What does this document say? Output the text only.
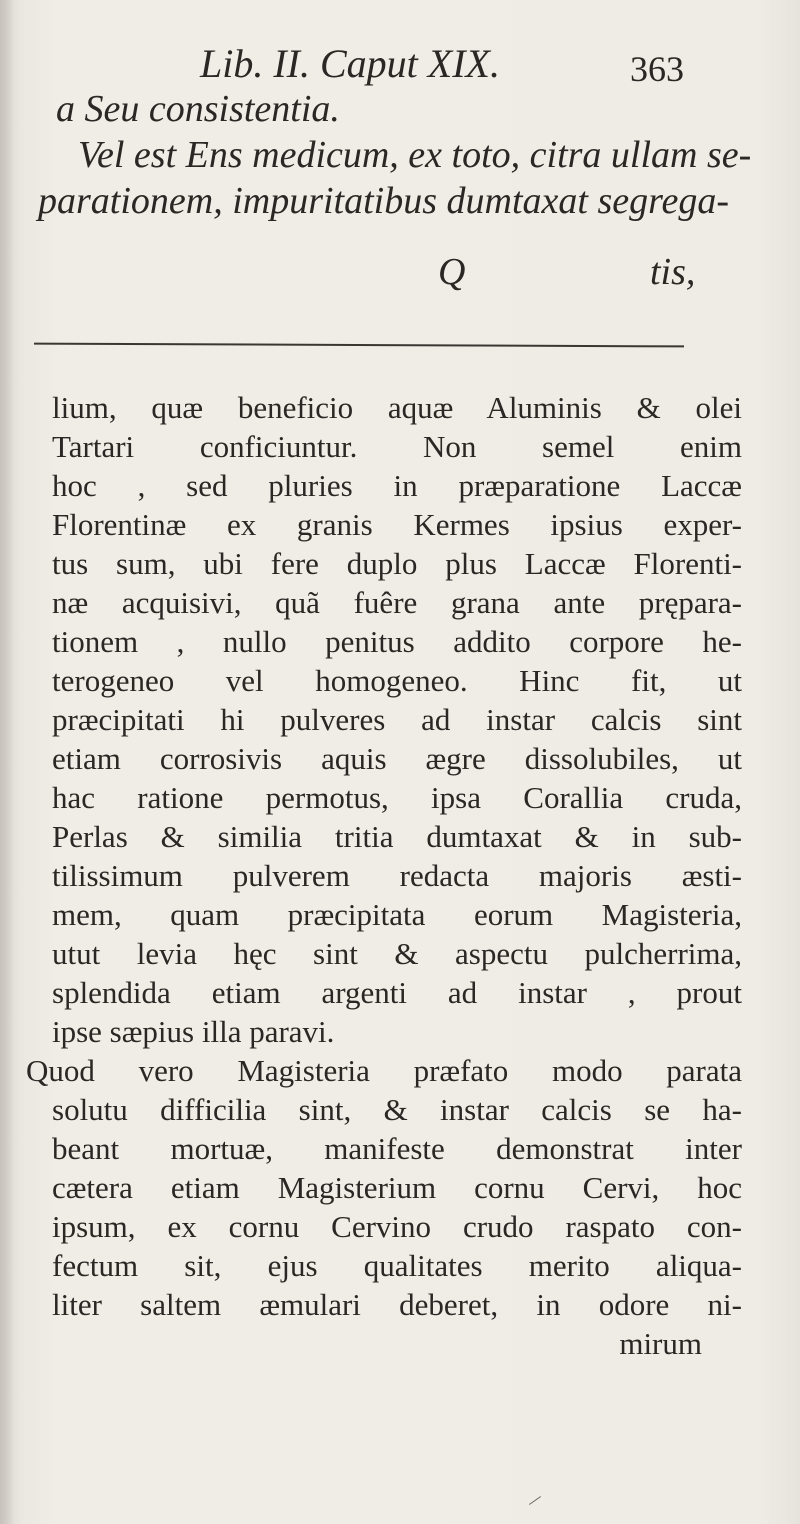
Lib. II. Caput XIX.	363
a Seu consistentia.
Vel est Ens medicum, ex toto, citra ullam se-
parationem, impuritatibus dumtaxat segrega-
Q	tis,

lium, quæ beneficio aquæ Aluminis & olei

Tartari conficiuntur. Non semel enim

hoc , sed pluries in præparatione Laccæ

Florentinæ ex granis Kermes ipsius exper-

tus sum, ubi fere duplo plus Laccæ Florenti-

næ acquisivi, quã fuêre grana ante prępara-

tionem , nullo penitus addito corpore he-

terogeneo vel homogeneo. Hinc fit, ut

præcipitati hi pulveres ad instar calcis sint

etiam corrosivis aquis ægre dissolubiles, ut

hac ratione permotus, ipsa Corallia cruda,

Perlas & similia tritia dumtaxat & in sub-

tilissimum pulverem redacta majoris æsti-

mem, quam præcipitata eorum Magisteria,

utut levia hęc sint & aspectu pulcherrima,

splendida etiam argenti ad instar , prout

ipse sæpius illa paravi.

Quod vero Magisteria præfato modo parata

solutu difficilia sint, & instar calcis se ha-

beant mortuæ, manifeste demonstrat inter

cætera etiam Magisterium cornu Cervi, hoc

ipsum, ex cornu Cervino crudo raspato con-

fectum sit, ejus qualitates merito aliqua-

liter saltem æmulari deberet, in odore ni-

mirum
